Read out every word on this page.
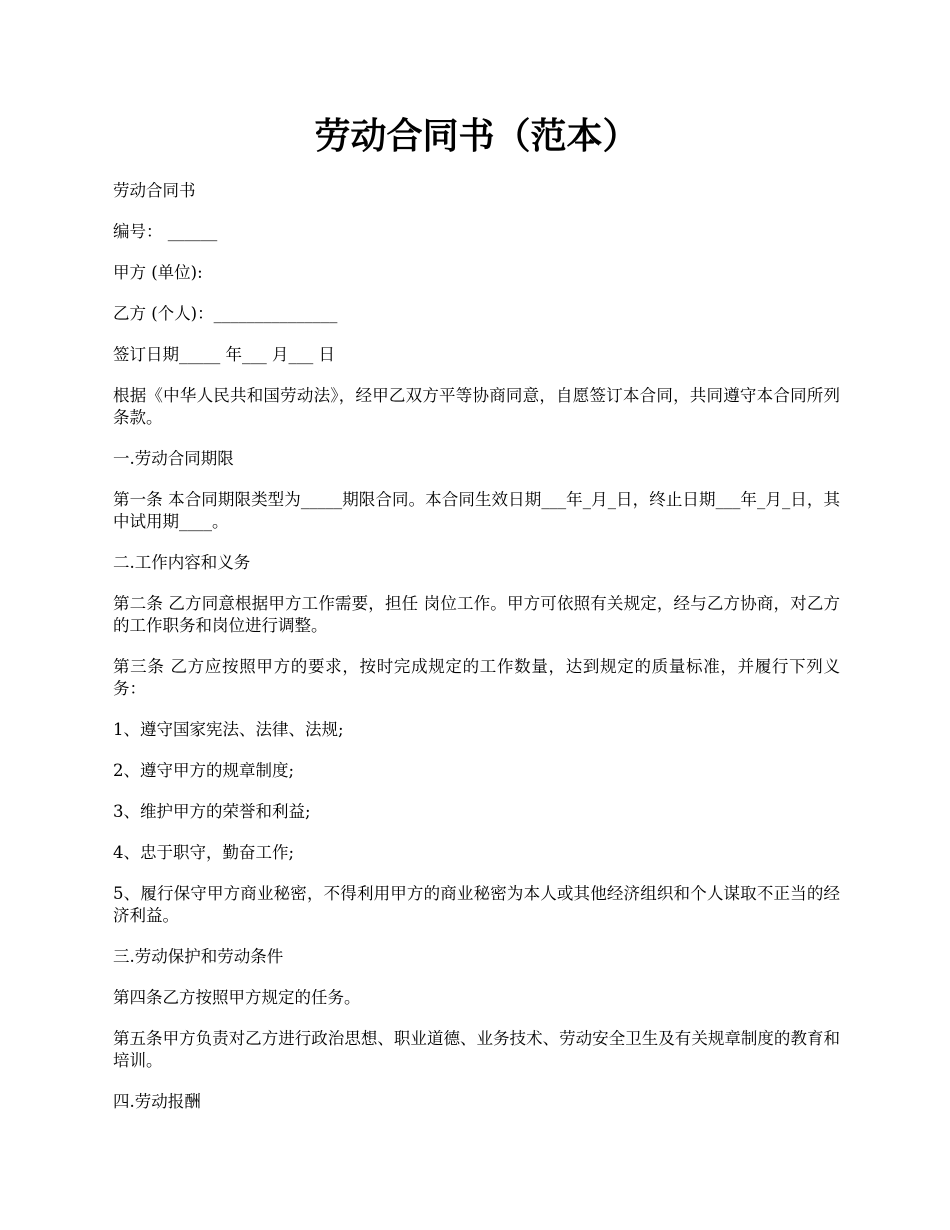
劳动合同书（范本）

劳动合同书

编号： ______

甲方 (单位):

乙方 (个人)：_______________

签订日期_____ 年___ 月___ 日

根据《中华人民共和国劳动法》，经甲乙双方平等协商同意，自愿签订本合同，共同遵守本合同所列条款。

一.劳动合同期限

第一条 本合同期限类型为_____期限合同。本合同生效日期___年_月_日，终止日期___年_月_日，其中试用期____。

二.工作内容和义务

第二条 乙方同意根据甲方工作需要，担任 岗位工作。甲方可依照有关规定，经与乙方协商，对乙方的工作职务和岗位进行调整。

第三条 乙方应按照甲方的要求，按时完成规定的工作数量，达到规定的质量标准，并履行下列义务：

1、遵守国家宪法、法律、法规;

2、遵守甲方的规章制度;

3、维护甲方的荣誉和利益;

4、忠于职守，勤奋工作;

5、履行保守甲方商业秘密，不得利用甲方的商业秘密为本人或其他经济组织和个人谋取不正当的经济利益。

三.劳动保护和劳动条件

第四条乙方按照甲方规定的任务。

第五条甲方负责对乙方进行政治思想、职业道德、业务技术、劳动安全卫生及有关规章制度的教育和培训。

四.劳动报酬
